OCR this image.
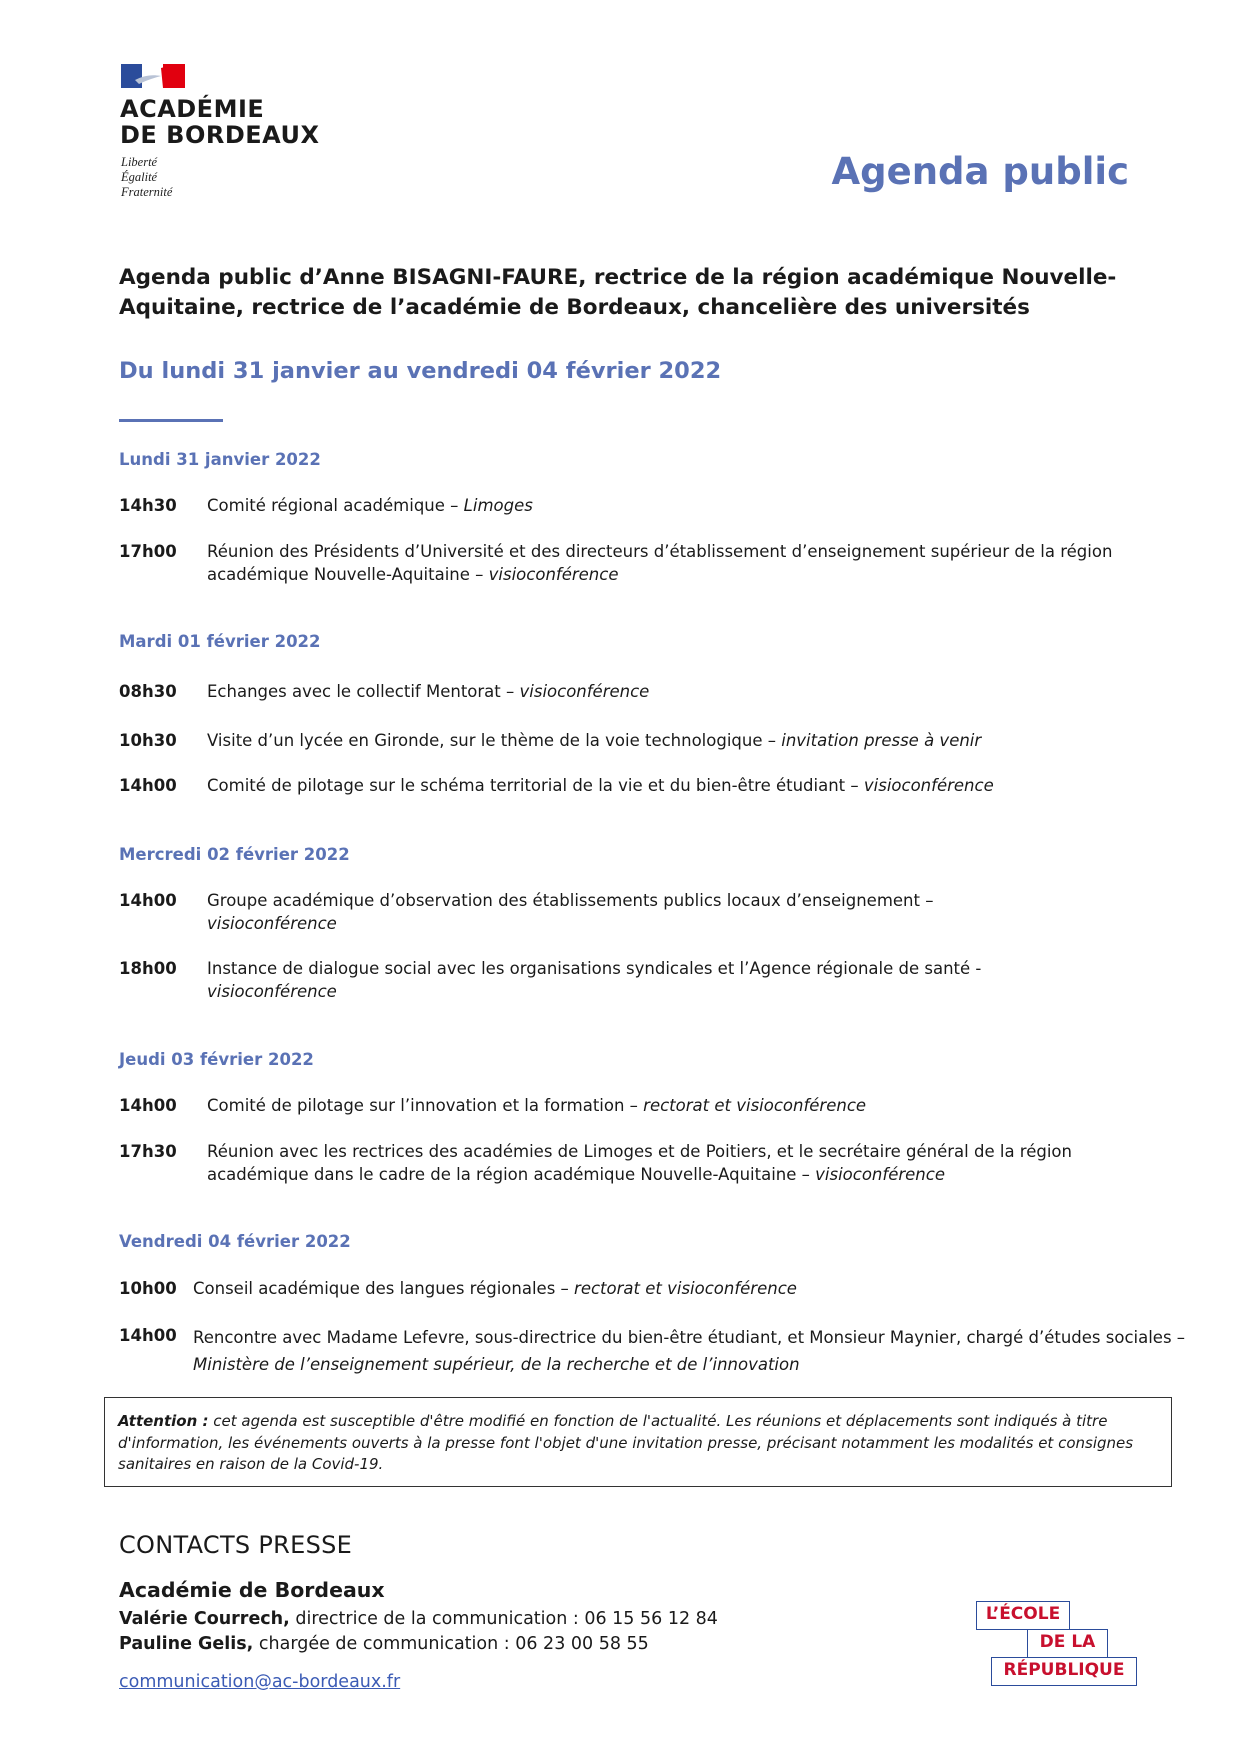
ACADÉMIE
DE BORDEAUX
Liberté
Égalité
Fraternité	Agenda public
Agenda public d’Anne BISAGNI-FAURE, rectrice de la région académique Nouvelle-Aquitaine, rectrice de l’académie de Bordeaux, chancelière des universités
Du lundi 31 janvier au vendredi 04 février 2022
Lundi 31 janvier 2022
14h30 Comité régional académique – Limoges
17h00 Réunion des Présidents d’Université et des directeurs d’établissement d’enseignement supérieur de la région académique Nouvelle-Aquitaine – visioconférence
Mardi 01 février 2022
08h30 Echanges avec le collectif Mentorat – visioconférence
10h30 Visite d’un lycée en Gironde, sur le thème de la voie technologique – invitation presse à venir
14h00 Comité de pilotage sur le schéma territorial de la vie et du bien-être étudiant – visioconférence
Mercredi 02 février 2022
14h00 Groupe académique d’observation des établissements publics locaux d’enseignement – visioconférence
18h00 Instance de dialogue social avec les organisations syndicales et l’Agence régionale de santé - visioconférence
Jeudi 03 février 2022
14h00 Comité de pilotage sur l’innovation et la formation – rectorat et visioconférence
17h30 Réunion avec les rectrices des académies de Limoges et de Poitiers, et le secrétaire général de la région académique dans le cadre de la région académique Nouvelle-Aquitaine – visioconférence
Vendredi 04 février 2022
10h00 Conseil académique des langues régionales – rectorat et visioconférence
14h00 Rencontre avec Madame Lefevre, sous-directrice du bien-être étudiant, et Monsieur Maynier, chargé d’études sociales – Ministère de l’enseignement supérieur, de la recherche et de l’innovation
Attention : cet agenda est susceptible d'être modifié en fonction de l'actualité. Les réunions et déplacements sont indiqués à titre d'information, les événements ouverts à la presse font l'objet d'une invitation presse, précisant notamment les modalités et consignes sanitaires en raison de la Covid-19.
CONTACTS PRESSE
Académie de Bordeaux
Valérie Courrech, directrice de la communication : 06 15 56 12 84
Pauline Gelis, chargée de communication : 06 23 00 58 55
communication@ac-bordeaux.fr
L’ÉCOLE
DE LA
RÉPUBLIQUE
